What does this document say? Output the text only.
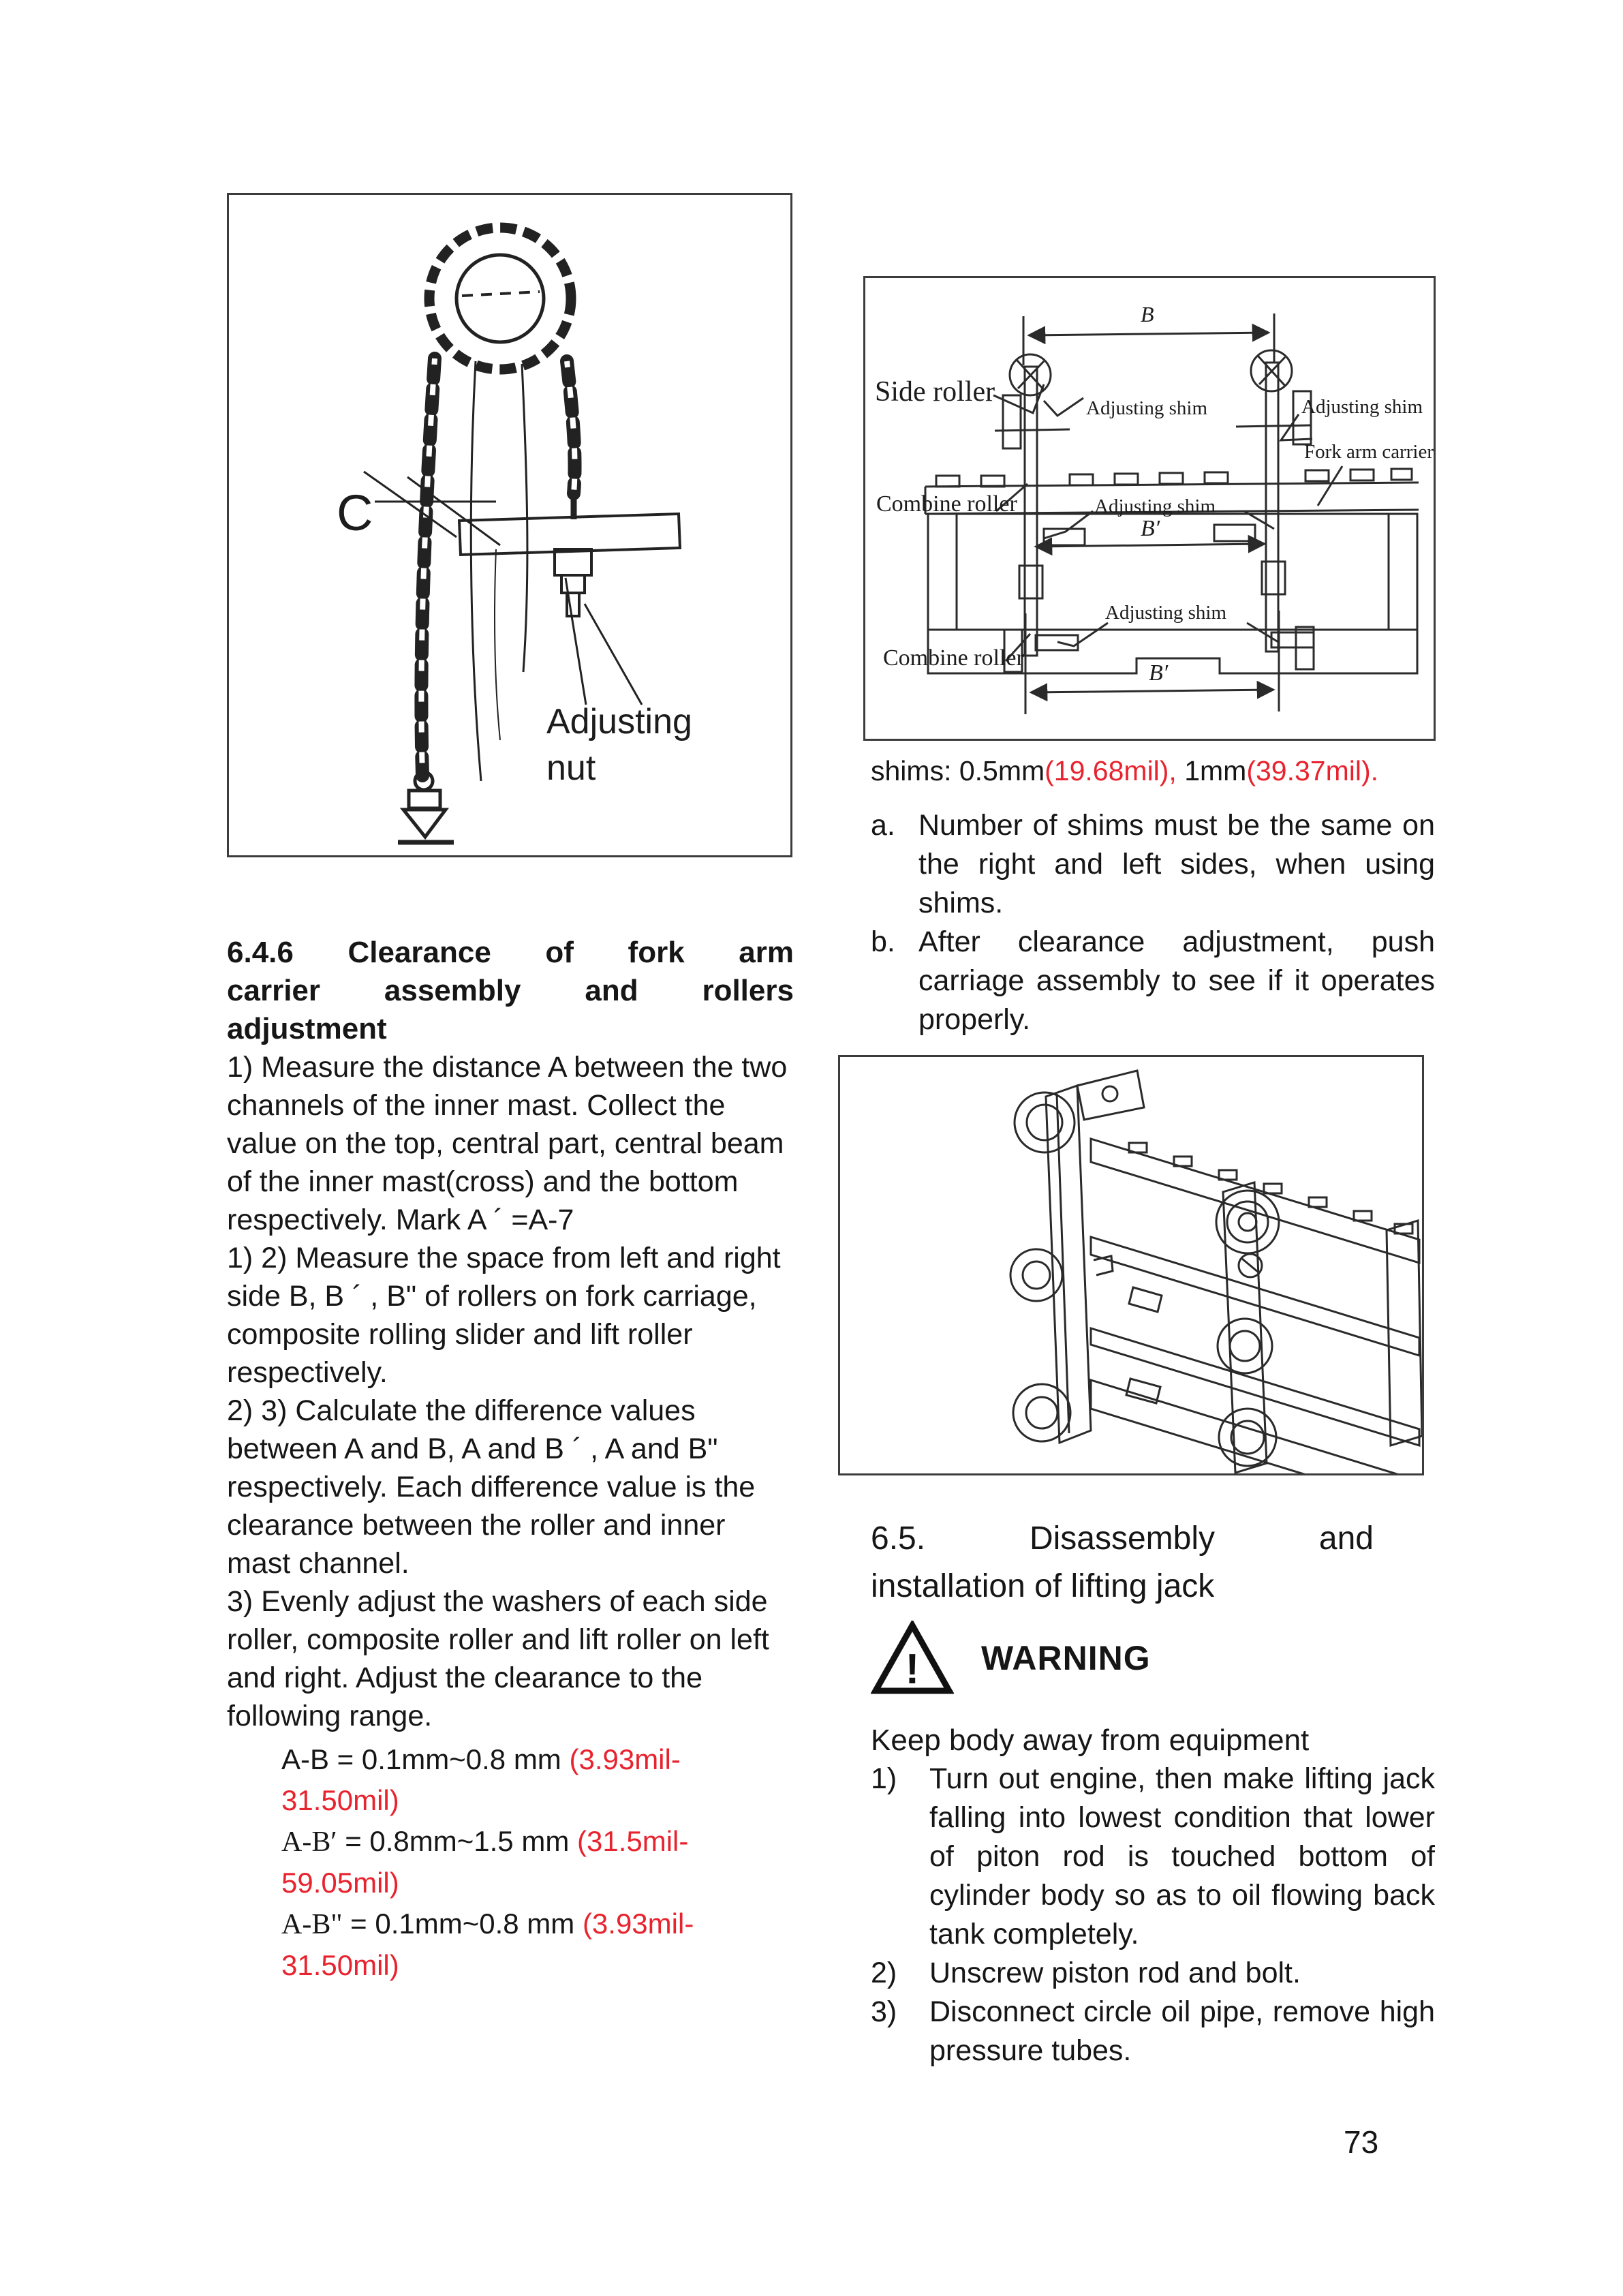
C
Adjusting
nut
6.4.6 Clearance of fork arm
carrier assembly and rollers
adjustment

1) Measure the distance A between the two channels of the inner mast. Collect the value on the top, central part, central beam of the inner mast(cross) and the bottom respectively. Mark A ´ =A-7

1) 2) Measure the space from left and right side B, B ´ , B" of rollers on fork carriage, composite rolling slider and lift roller respectively.

2) 3) Calculate the difference values between A and B, A and B ´ , A and B" respectively. Each difference value is the clearance between the roller and inner mast channel.

3) Evenly adjust the washers of each side roller, composite roller and lift roller on left and right. Adjust the clearance to the following range.

A-B = 0.1mm~0.8 mm (3.93mil-
31.50mil)
A-B′ = 0.8mm~1.5 mm (31.5mil-
59.05mil)
A-B" = 0.1mm~0.8 mm (3.93mil-
31.50mil)
B
Side roller
Adjusting shim	Adjusting shim
Fork arm carrier
Combine roller	Adjusting shim
B′
Adjusting shim
Combine roller
B′

shims: 0.5mm(19.68mil), 1mm(39.37mil).

a. Number of shims must be the same on the right and left sides, when using shims.
b. After clearance adjustment, push carriage assembly to see if it operates properly.
6.5.	Disassembly	and
installation of lifting jack
! WARNING

Keep body away from equipment

1)	Turn out engine, then make lifting jack falling into lowest condition that lower of piton rod is touched bottom of cylinder body so as to oil flowing back tank completely.
2)	Unscrew piston rod and bolt.
3)	Disconnect circle oil pipe, remove high pressure tubes.
73
